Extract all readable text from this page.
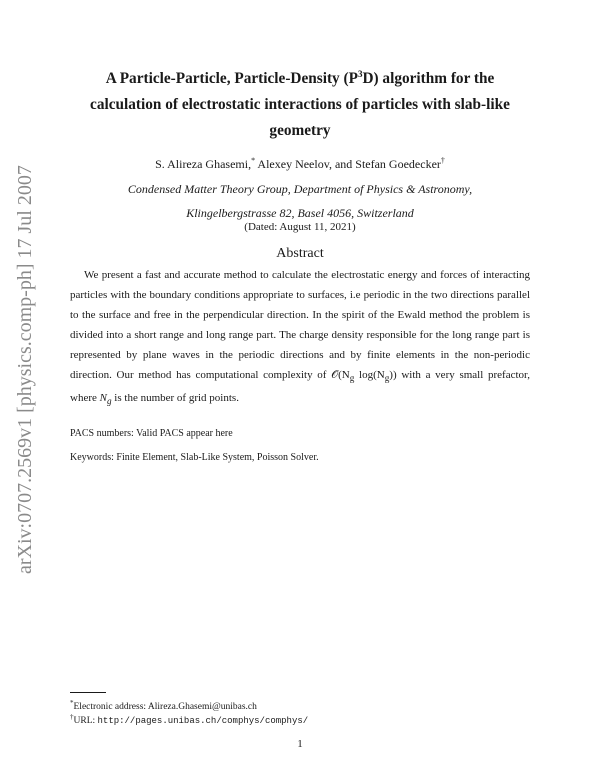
arXiv:0707.2569v1 [physics.comp-ph] 17 Jul 2007
A Particle-Particle, Particle-Density $(P^3D)$ algorithm for the calculation of electrostatic interactions of particles with slab-like geometry
S. Alireza Ghasemi,* Alexey Neelov, and Stefan Goedecker†
Condensed Matter Theory Group, Department of Physics & Astronomy,
Klingelbergstrasse 82, Basel 4056, Switzerland
(Dated: August 11, 2021)
Abstract
We present a fast and accurate method to calculate the electrostatic energy and forces of interacting particles with the boundary conditions appropriate to surfaces, i.e periodic in the two directions parallel to the surface and free in the perpendicular direction. In the spirit of the Ewald method the problem is divided into a short range and long range part. The charge density responsible for the long range part is represented by plane waves in the periodic directions and by finite elements in the non-periodic direction. Our method has computational complexity of $𝒪(N_g$ $\log(N_g)$) with a very small prefactor, where $N_g$ is the number of grid points.
PACS numbers: Valid PACS appear here
Keywords: Finite Element, Slab-Like System, Poisson Solver.
*Electronic address: Alireza.Ghasemi@unibas.ch
†URL: http://pages.unibas.ch/comphys/comphys/
1
